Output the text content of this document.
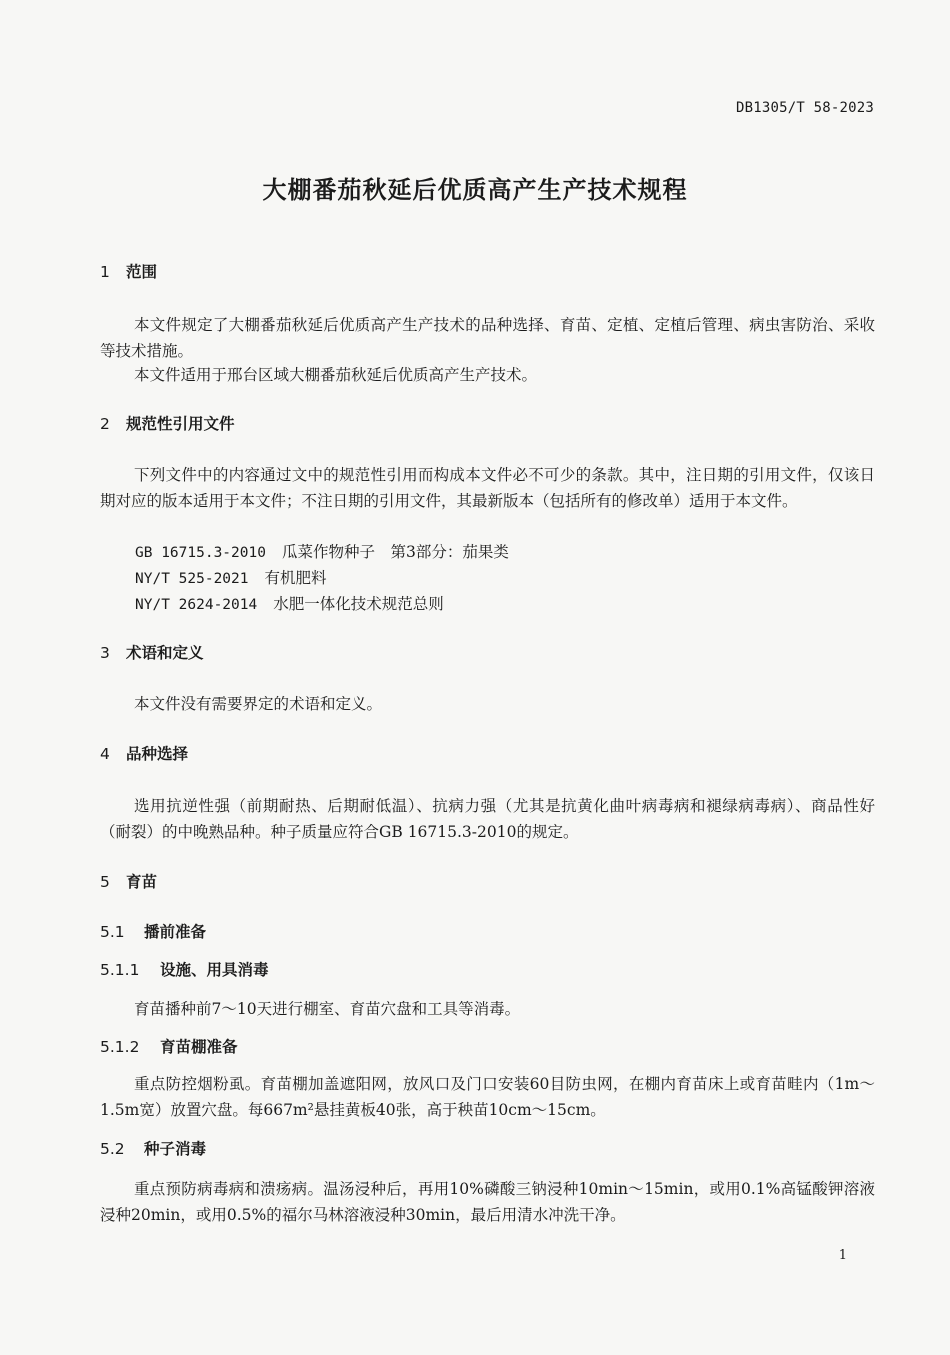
DB1305/T 58-2023
大棚番茄秋延后优质高产生产技术规程
1 范围
本文件规定了大棚番茄秋延后优质高产生产技术的品种选择、育苗、定植、定植后管理、病虫害防治、采收等技术措施。
本文件适用于邢台区域大棚番茄秋延后优质高产生产技术。
2 规范性引用文件
下列文件中的内容通过文中的规范性引用而构成本文件必不可少的条款。其中，注日期的引用文件，仅该日期对应的版本适用于本文件；不注日期的引用文件，其最新版本（包括所有的修改单）适用于本文件。
GB 16715.3-2010 瓜菜作物种子　第3部分：茄果类
NY/T 525-2021 有机肥料
NY/T 2624-2014 水肥一体化技术规范总则
3 术语和定义
本文件没有需要界定的术语和定义。
4 品种选择
选用抗逆性强（前期耐热、后期耐低温）、抗病力强（尤其是抗黄化曲叶病毒病和褪绿病毒病）、商品性好（耐裂）的中晚熟品种。种子质量应符合GB 16715.3-2010的规定。
5 育苗
5.1 播前准备
5.1.1 设施、用具消毒
育苗播种前7～10天进行棚室、育苗穴盘和工具等消毒。
5.1.2 育苗棚准备
重点防控烟粉虱。育苗棚加盖遮阳网，放风口及门口安装60目防虫网，在棚内育苗床上或育苗畦内（1m～1.5m宽）放置穴盘。每667m²悬挂黄板40张，高于秧苗10cm～15cm。
5.2 种子消毒
重点预防病毒病和溃疡病。温汤浸种后，再用10%磷酸三钠浸种10min～15min，或用0.1%高锰酸钾溶液浸种20min，或用0.5%的福尔马林溶液浸种30min，最后用清水冲洗干净。
1
